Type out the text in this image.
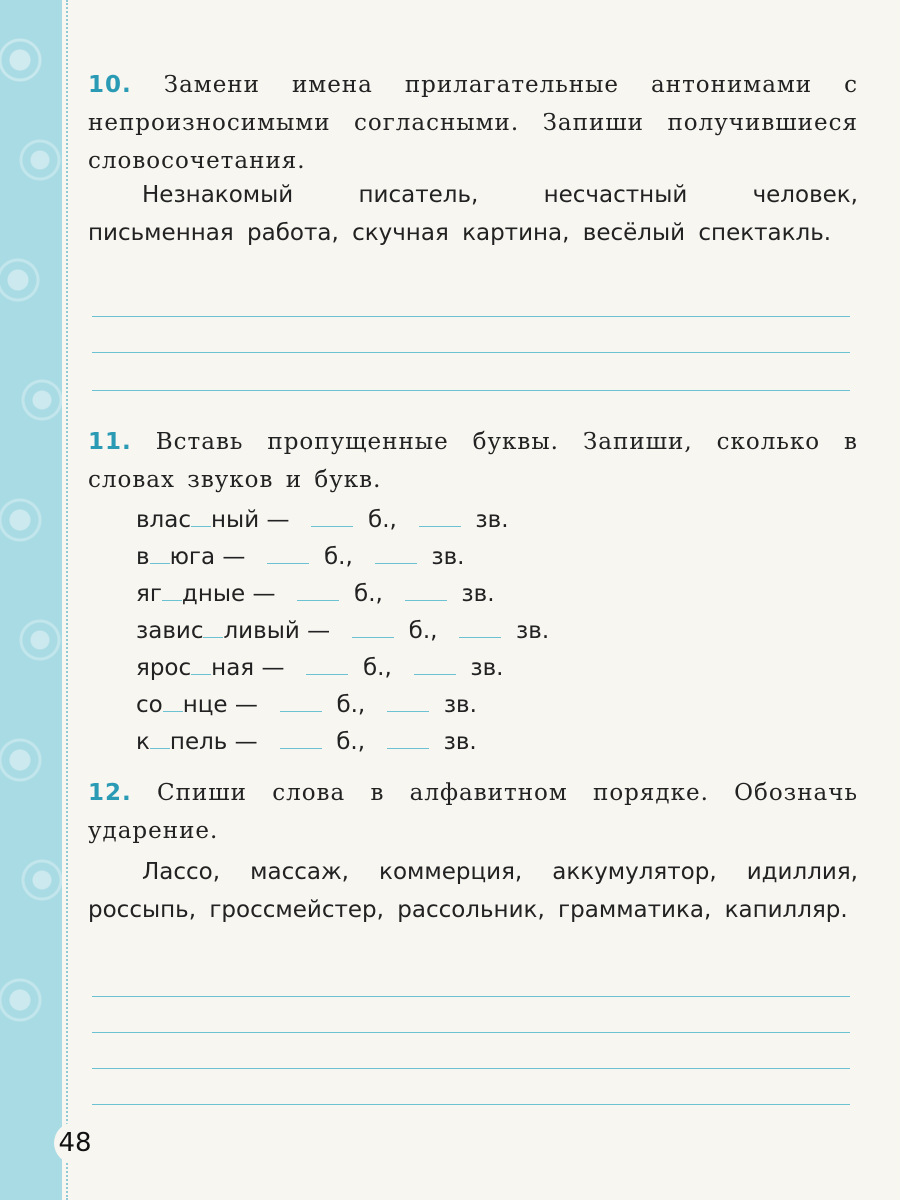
10. Замени имена прилагательные антонимами с непроизносимыми согласными. Запиши получившиеся словосочетания.
Незнакомый писатель, несчастный человек, письменная работа, скучная картина, весёлый спектакль.
11. Вставь пропущенные буквы. Запиши, сколько в словах звуков и букв.
влас ный —	б.,	зв.
в юга —	б.,	зв.
яг дные —	б.,	зв.
завис ливый —	б.,	зв.
ярос ная —	б.,	зв.
со нце —	б.,	зв.
к пель —	б.,	зв.
12. Спиши слова в алфавитном порядке. Обозначь ударение.
Лассо, массаж, коммерция, аккумулятор, идиллия, россыпь, гроссмейстер, рассольник, грамматика, капилляр.
48
